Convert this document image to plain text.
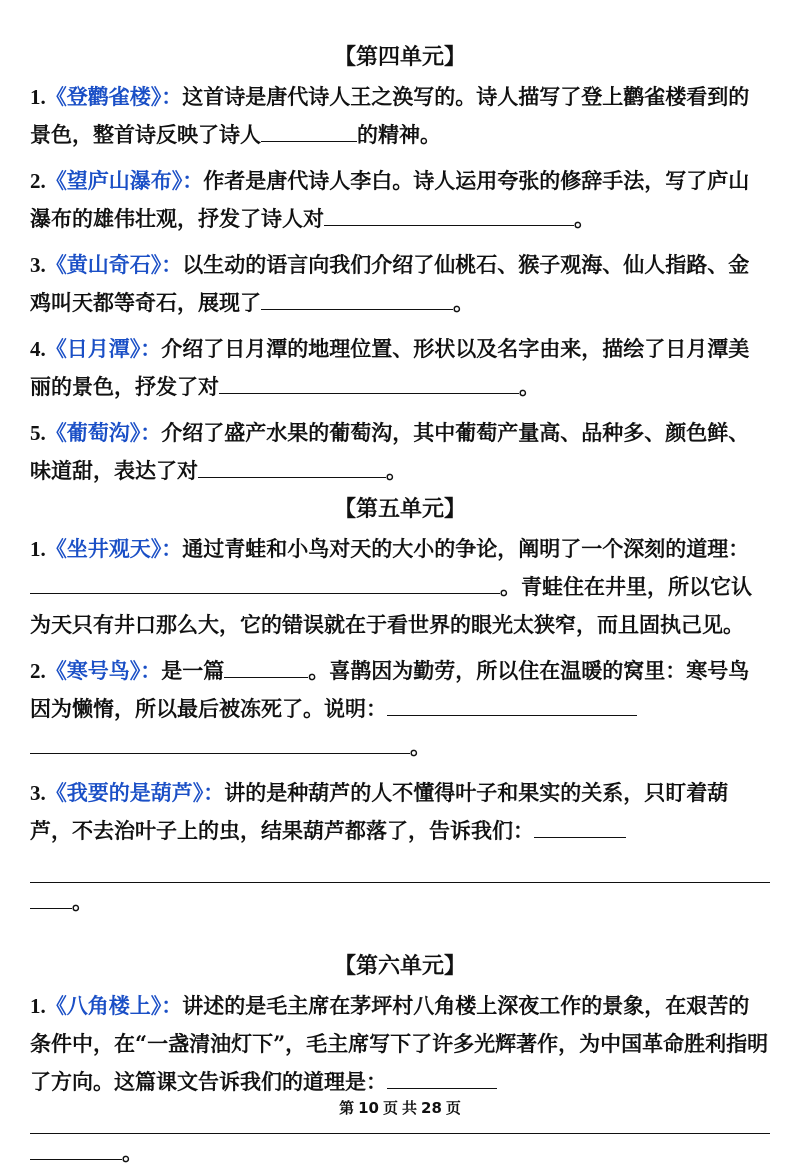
【第四单元】
1.《登鹳雀楼》：这首诗是唐代诗人王之涣写的。诗人描写了登上鹳雀楼看到的景色，整首诗反映了诗人	的精神。
2.《望庐山瀑布》：作者是唐代诗人李白。诗人运用夸张的修辞手法，写了庐山瀑布的雄伟壮观，抒发了诗人对	。
3.《黄山奇石》：以生动的语言向我们介绍了仙桃石、猴子观海、仙人指路、金鸡叫天都等奇石，展现了	。
4.《日月潭》：介绍了日月潭的地理位置、形状以及名字由来，描绘了日月潭美丽的景色，抒发了对	。
5.《葡萄沟》：介绍了盛产水果的葡萄沟，其中葡萄产量高、品种多、颜色鲜、味道甜，表达了对	。
【第五单元】
1.《坐井观天》：通过青蛙和小鸟对天的大小的争论，阐明了一个深刻的道理：。青蛙住在井里，所以它认为天只有井口那么大，它的错误就在于看世界的眼光太狭窄，而且固执己见。
2.《寒号鸟》：是一篇	。喜鹊因为勤劳，所以住在温暖的窝里：寒号鸟因为懒惰，所以最后被冻死了。说明：。
3.《我要的是葫芦》：讲的是种葫芦的人不懂得叶子和果实的关系，只盯着葫芦，不去治叶子上的虫，结果葫芦都落了，告诉我们：
。
【第六单元】
1.《八角楼上》：讲述的是毛主席在茅坪村八角楼上深夜工作的景象，在艰苦的条件中，在“一盏清油灯下”，毛主席写下了许多光辉著作，为中国革命胜利指明了方向。这篇课文告诉我们的道理是：
。
第 10 页 共 28 页
